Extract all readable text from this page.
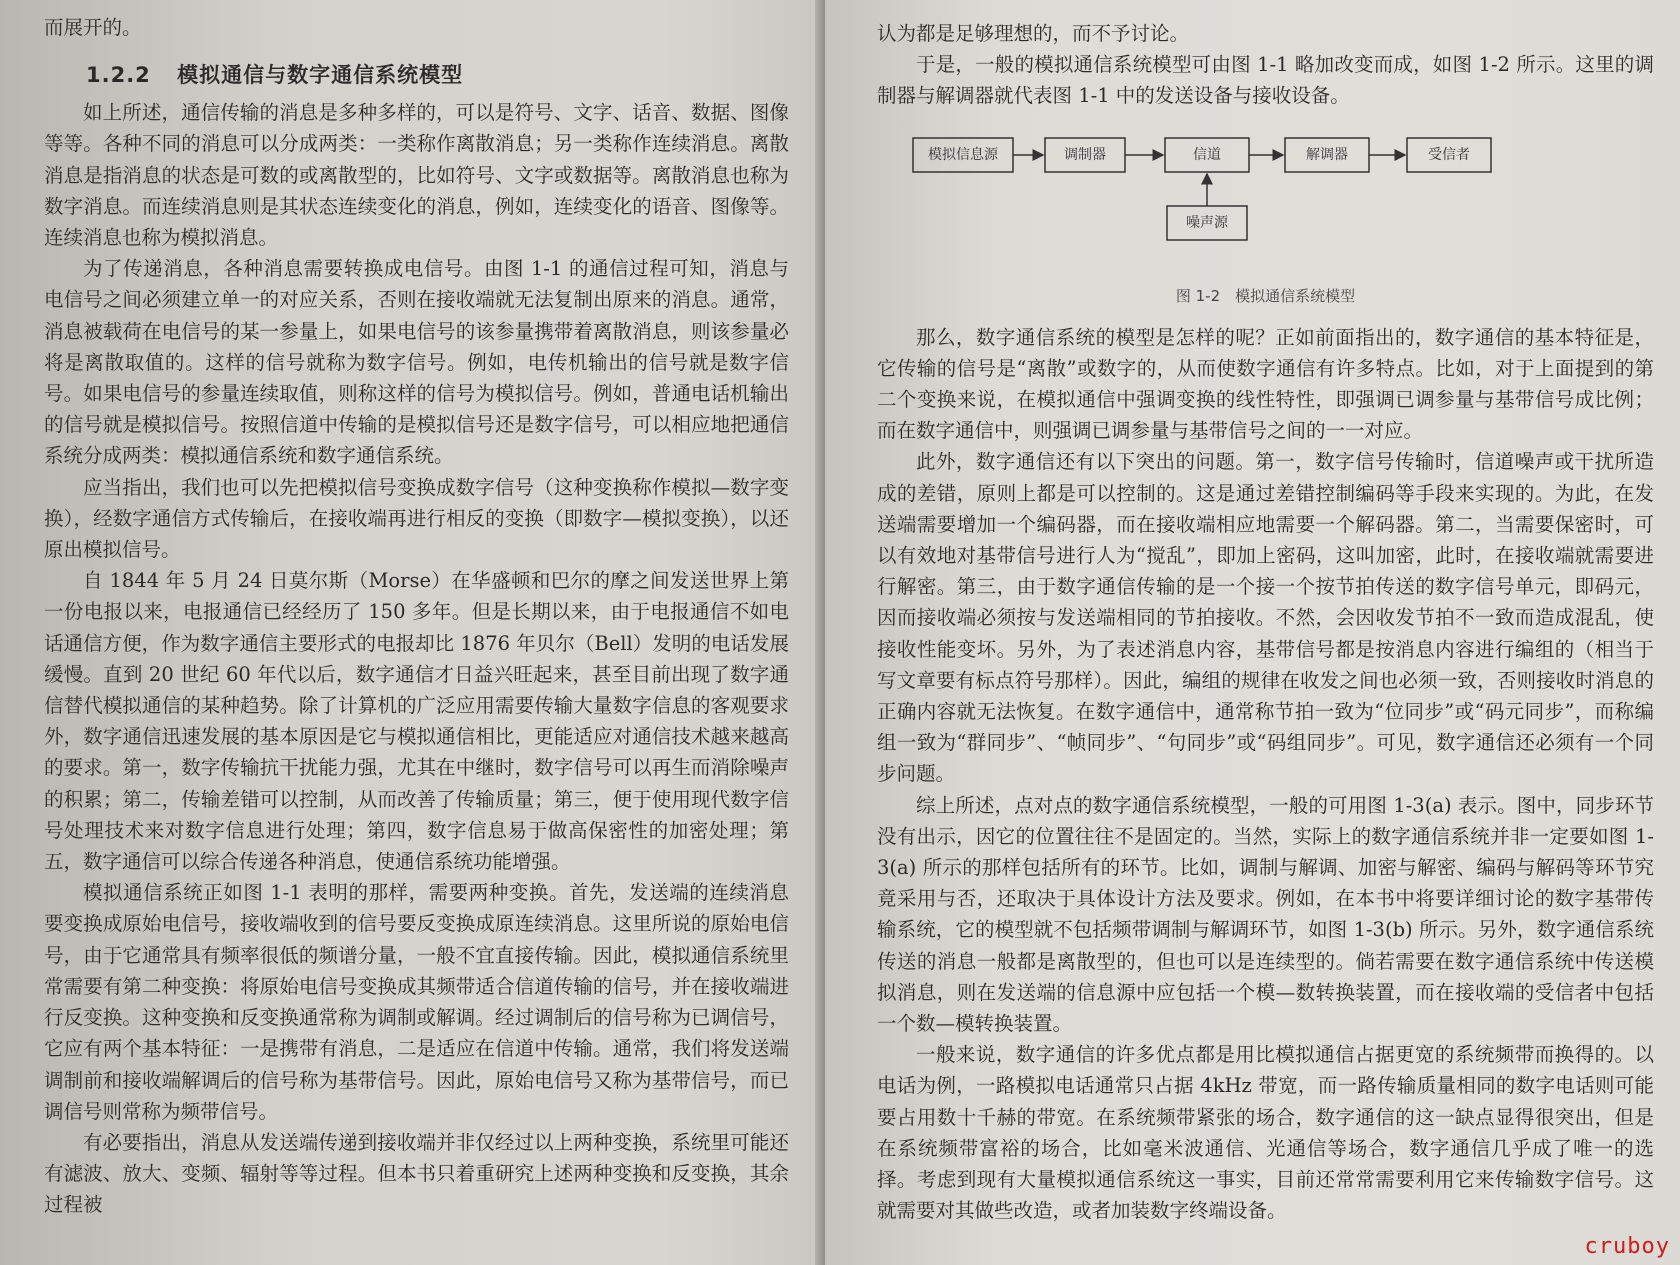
而展开的。

1.2.2 模拟通信与数字通信系统模型

如上所述，通信传输的消息是多种多样的，可以是符号、文字、话音、数据、图像等等。各种不同的消息可以分成两类：一类称作离散消息；另一类称作连续消息。离散消息是指消息的状态是可数的或离散型的，比如符号、文字或数据等。离散消息也称为数字消息。而连续消息则是其状态连续变化的消息，例如，连续变化的语音、图像等。连续消息也称为模拟消息。

为了传递消息，各种消息需要转换成电信号。由图 1-1 的通信过程可知，消息与电信号之间必须建立单一的对应关系，否则在接收端就无法复制出原来的消息。通常，消息被载荷在电信号的某一参量上，如果电信号的该参量携带着离散消息，则该参量必将是离散取值的。这样的信号就称为数字信号。例如，电传机输出的信号就是数字信号。如果电信号的参量连续取值，则称这样的信号为模拟信号。例如，普通电话机输出的信号就是模拟信号。按照信道中传输的是模拟信号还是数字信号，可以相应地把通信系统分成两类：模拟通信系统和数字通信系统。

应当指出，我们也可以先把模拟信号变换成数字信号（这种变换称作模拟—数字变换），经数字通信方式传输后，在接收端再进行相反的变换（即数字—模拟变换），以还原出模拟信号。

自 1844 年 5 月 24 日莫尔斯（Morse）在华盛顿和巴尔的摩之间发送世界上第一份电报以来，电报通信已经经历了 150 多年。但是长期以来，由于电报通信不如电话通信方便，作为数字通信主要形式的电报却比 1876 年贝尔（Bell）发明的电话发展缓慢。直到 20 世纪 60 年代以后，数字通信才日益兴旺起来，甚至目前出现了数字通信替代模拟通信的某种趋势。除了计算机的广泛应用需要传输大量数字信息的客观要求外，数字通信迅速发展的基本原因是它与模拟通信相比，更能适应对通信技术越来越高的要求。第一，数字传输抗干扰能力强，尤其在中继时，数字信号可以再生而消除噪声的积累；第二，传输差错可以控制，从而改善了传输质量；第三，便于使用现代数字信号处理技术来对数字信息进行处理；第四，数字信息易于做高保密性的加密处理；第五，数字通信可以综合传递各种消息，使通信系统功能增强。

模拟通信系统正如图 1-1 表明的那样，需要两种变换。首先，发送端的连续消息要变换成原始电信号，接收端收到的信号要反变换成原连续消息。这里所说的原始电信号，由于它通常具有频率很低的频谱分量，一般不宜直接传输。因此，模拟通信系统里常需要有第二种变换：将原始电信号变换成其频带适合信道传输的信号，并在接收端进行反变换。这种变换和反变换通常称为调制或解调。经过调制后的信号称为已调信号，它应有两个基本特征：一是携带有消息，二是适应在信道中传输。通常，我们将发送端调制前和接收端解调后的信号称为基带信号。因此，原始电信号又称为基带信号，而已调信号则常称为频带信号。

有必要指出，消息从发送端传递到接收端并非仅经过以上两种变换，系统里可能还有滤波、放大、变频、辐射等等过程。但本书只着重研究上述两种变换和反变换，其余过程被

认为都是足够理想的，而不予讨论。

于是，一般的模拟通信系统模型可由图 1-1 略加改变而成，如图 1-2 所示。这里的调制器与解调器就代表图 1-1 中的发送设备与接收设备。

模拟信息源	调制器	信道	解调器	受信者
噪声源
图 1-2　模拟通信系统模型

那么，数字通信系统的模型是怎样的呢？正如前面指出的，数字通信的基本特征是，它传输的信号是“离散”或数字的，从而使数字通信有许多特点。比如，对于上面提到的第二个变换来说，在模拟通信中强调变换的线性特性，即强调已调参量与基带信号成比例；而在数字通信中，则强调已调参量与基带信号之间的一一对应。

此外，数字通信还有以下突出的问题。第一，数字信号传输时，信道噪声或干扰所造成的差错，原则上都是可以控制的。这是通过差错控制编码等手段来实现的。为此，在发送端需要增加一个编码器，而在接收端相应地需要一个解码器。第二，当需要保密时，可以有效地对基带信号进行人为“搅乱”，即加上密码，这叫加密，此时，在接收端就需要进行解密。第三，由于数字通信传输的是一个接一个按节拍传送的数字信号单元，即码元，因而接收端必须按与发送端相同的节拍接收。不然，会因收发节拍不一致而造成混乱，使接收性能变坏。另外，为了表述消息内容，基带信号都是按消息内容进行编组的（相当于写文章要有标点符号那样）。因此，编组的规律在收发之间也必须一致，否则接收时消息的正确内容就无法恢复。在数字通信中，通常称节拍一致为“位同步”或“码元同步”，而称编组一致为“群同步”、“帧同步”、“句同步”或“码组同步”。可见，数字通信还必须有一个同步问题。

综上所述，点对点的数字通信系统模型，一般的可用图 1-3(a) 表示。图中，同步环节没有出示，因它的位置往往不是固定的。当然，实际上的数字通信系统并非一定要如图 1-3(a) 所示的那样包括所有的环节。比如，调制与解调、加密与解密、编码与解码等环节究竟采用与否，还取决于具体设计方法及要求。例如，在本书中将要详细讨论的数字基带传输系统，它的模型就不包括频带调制与解调环节，如图 1-3(b) 所示。另外，数字通信系统传送的消息一般都是离散型的，但也可以是连续型的。倘若需要在数字通信系统中传送模拟消息，则在发送端的信息源中应包括一个模—数转换装置，而在接收端的受信者中包括一个数—模转换装置。

一般来说，数字通信的许多优点都是用比模拟通信占据更宽的系统频带而换得的。以电话为例，一路模拟电话通常只占据 4kHz 带宽，而一路传输质量相同的数字电话则可能要占用数十千赫的带宽。在系统频带紧张的场合，数字通信的这一缺点显得很突出，但是在系统频带富裕的场合，比如毫米波通信、光通信等场合，数字通信几乎成了唯一的选择。考虑到现有大量模拟通信系统这一事实，目前还常常需要利用它来传输数字信号。这就需要对其做些改造，或者加装数字终端设备。

cruboy
